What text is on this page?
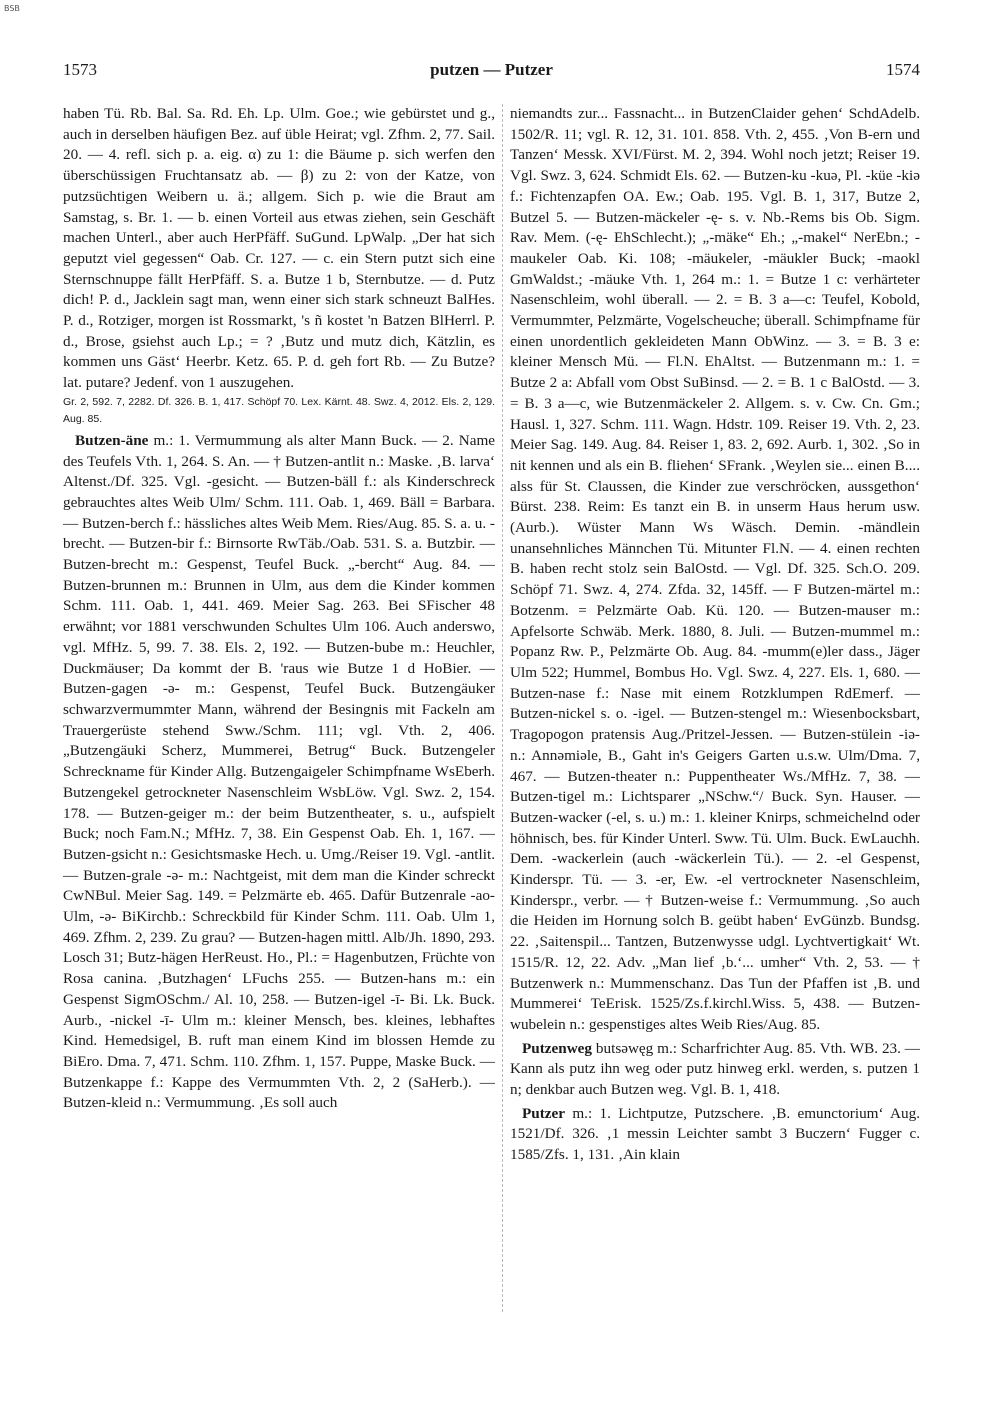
BSB
1573	putzen — Putzer	1574

haben Tü. Rb. Bal. Sa. Rd. Eh. Lp. Ulm. Goe.; wie gebürstet und g., auch in derselben häufigen Bez. auf üble Heirat; vgl. Zfhm. 2, 77. Sail. 20. — 4. refl. sich p. a. eig. α) zu 1: die Bäume p. sich werfen den überschüssigen Fruchtansatz ab. — β) zu 2: von der Katze, von putzsüchtigen Weibern u. ä.; allgem. Sich p. wie die Braut am Samstag, s. Br. 1. — b. einen Vorteil aus etwas ziehen, sein Geschäft machen Unterl., aber auch HerPfäff. SuGund. LpWalp. „Der hat sich geputzt viel gegessen“ Oab. Cr. 127. — c. ein Stern putzt sich eine Sternschnuppe fällt HerPfäff. S. a. Butze 1 b, Sternbutze. — d. Putz dich! P. d., Jacklein sagt man, wenn einer sich stark schneuzt BalHes. P. d., Rotziger, morgen ist Rossmarkt, 's ñ kostet 'n Batzen BlHerrl. P. d., Brose, gsiehst auch Lp.; = ? ‚Butz und mutz dich, Kätzlin, es kommen uns Gäst‘ Heerbr. Ketz. 65. P. d. geh fort Rb. — Zu Butze? lat. putare? Jedenf. von 1 auszugehen.

Gr. 2, 592. 7, 2282. Df. 326. B. 1, 417. Schöpf 70. Lex. Kärnt. 48. Swz. 4, 2012. Els. 2, 129. Aug. 85.

Butzen-äne m.: 1. Vermummung als alter Mann Buck. — 2. Name des Teufels Vth. 1, 264. S. An. — † Butzen-antlit n.: Maske. ‚B. larva‘ Altenst./Df. 325. Vgl. -gesicht. — Butzen-bäll f.: als Kinderschreck gebrauchtes altes Weib Ulm/ Schm. 111. Oab. 1, 469. Bäll = Barbara. — Butzen-berch f.: hässliches altes Weib Mem. Ries/Aug. 85. S. a. u. -brecht. — Butzen-bir f.: Birnsorte RwTäb./Oab. 531. S. a. Butzbir. — Butzen-brecht m.: Gespenst, Teufel Buck. „-bercht“ Aug. 84. — Butzen-brunnen m.: Brunnen in Ulm, aus dem die Kinder kommen Schm. 111. Oab. 1, 441. 469. Meier Sag. 263. Bei SFischer 48 erwähnt; vor 1881 verschwunden Schultes Ulm 106. Auch anderswo, vgl. MfHz. 5, 99. 7. 38. Els. 2, 192. — Butzen-bube m.: Heuchler, Duckmäuser; Da kommt der B. 'raus wie Butze 1 d HoBier. — Butzen-gagen -ə- m.: Gespenst, Teufel Buck. Butzengäuker schwarzvermummter Mann, während der Besingnis mit Fackeln am Trauergerüste stehend Sww./Schm. 111; vgl. Vth. 2, 406. „Butzengäuki Scherz, Mummerei, Betrug“ Buck. Butzengeler Schreckname für Kinder Allg. Butzengaigeler Schimpfname WsEberh. Butzengekel getrockneter Nasenschleim WsbLöw. Vgl. Swz. 2, 154. 178. — Butzen-geiger m.: der beim Butzentheater, s. u., aufspielt Buck; noch Fam.N.; MfHz. 7, 38. Ein Gespenst Oab. Eh. 1, 167. — Butzen-gsicht n.: Gesichtsmaske Hech. u. Umg./Reiser 19. Vgl. -antlit. — Butzen-grale -ə- m.: Nachtgeist, mit dem man die Kinder schreckt CwNBul. Meier Sag. 149. = Pelzmärte eb. 465. Dafür Butzenrale -ao- Ulm, -ə- BiKirchb.: Schreckbild für Kinder Schm. 111. Oab. Ulm 1, 469. Zfhm. 2, 239. Zu grau? — Butzen-hagen mittl. Alb/Jh. 1890, 293. Losch 31; Butz-hägen HerReust. Ho., Pl.: = Hagenbutzen, Früchte von Rosa canina. ‚Butzhagen‘ LFuchs 255. — Butzen-hans m.: ein Gespenst SigmOSchm./ Al. 10, 258. — Butzen-igel -ī- Bi. Lk. Buck. Aurb., -nickel -ī- Ulm m.: kleiner Mensch, bes. kleines, lebhaftes Kind. Hemedsigel, B. ruft man einem Kind im blossen Hemde zu BiEro. Dma. 7, 471. Schm. 110. Zfhm. 1, 157. Puppe, Maske Buck. — Butzenkappe f.: Kappe des Vermummten Vth. 2, 2 (SaHerb.). — Butzen-kleid n.: Vermummung. ‚Es soll auch

niemandts zur... Fassnacht... in ButzenClaider gehen‘ SchdAdelb. 1502/R. 11; vgl. R. 12, 31. 101. 858. Vth. 2, 455. ‚Von B-ern und Tanzen‘ Messk. XVI/Fürst. M. 2, 394. Wohl noch jetzt; Reiser 19. Vgl. Swz. 3, 624. Schmidt Els. 62. — Butzen-ku -kuə, Pl. -küe -kiə f.: Fichtenzapfen OA. Ew.; Oab. 195. Vgl. B. 1, 317, Butze 2, Butzel 5. — Butzen-mäckeler -ę- s. v. Nb.-Rems bis Ob. Sigm. Rav. Mem. (-ę- EhSchlecht.); „-mäke“ Eh.; „-makel“ NerEbn.; -maukeler Oab. Ki. 108; -mäukeler, -mäukler Buck; -maokl GmWaldst.; -mäuke Vth. 1, 264 m.: 1. = Butze 1 c: verhärteter Nasenschleim, wohl überall. — 2. = B. 3 a—c: Teufel, Kobold, Vermummter, Pelzmärte, Vogelscheuche; überall. Schimpfname für einen unordentlich gekleideten Mann ObWinz. — 3. = B. 3 e: kleiner Mensch Mü. — Fl.N. EhAltst. — Butzenmann m.: 1. = Butze 2 a: Abfall vom Obst SuBinsd. — 2. = B. 1 c BalOstd. — 3. = B. 3 a—c, wie Butzenmäckeler 2. Allgem. s. v. Cw. Cn. Gm.; Hausl. 1, 327. Schm. 111. Wagn. Hdstr. 109. Reiser 19. Vth. 2, 23. Meier Sag. 149. Aug. 84. Reiser 1, 83. 2, 692. Aurb. 1, 302. ‚So in nit kennen und als ein B. fliehen‘ SFrank. ‚Weylen sie... einen B.... alss für St. Claussen, die Kinder zue verschröcken, aussgethon‘ Bürst. 238. Reim: Es tanzt ein B. in unserm Haus herum usw. (Aurb.). Wüster Mann Ws Wäsch. Demin. -mändlein unansehnliches Männchen Tü. Mitunter Fl.N. — 4. einen rechten B. haben recht stolz sein BalOstd. — Vgl. Df. 325. Sch.O. 209. Schöpf 71. Swz. 4, 274. Zfda. 32, 145ff. — F Butzen-märtel m.: Botzenm. = Pelzmärte Oab. Kü. 120. — Butzen-mauser m.: Apfelsorte Schwäb. Merk. 1880, 8. Juli. — Butzen-mummel m.: Popanz Rw. P., Pelzmärte Ob. Aug. 84. -mumm(e)ler dass., Jäger Ulm 522; Hummel, Bombus Ho. Vgl. Swz. 4, 227. Els. 1, 680. — Butzen-nase f.: Nase mit einem Rotzklumpen RdEmerf. — Butzen-nickel s. o. -igel. — Butzen-stengel m.: Wiesenbocksbart, Tragopogon pratensis Aug./Pritzel-Jessen. — Butzen-stülein -iə- n.: Annəmiəle, B., Gaht in's Geigers Garten u.s.w. Ulm/Dma. 7, 467. — Butzen-theater n.: Puppentheater Ws./MfHz. 7, 38. — Butzen-tigel m.: Lichtsparer „NSchw.“/ Buck. Syn. Hauser. — Butzen-wacker (-el, s. u.) m.: 1. kleiner Knirps, schmeichelnd oder höhnisch, bes. für Kinder Unterl. Sww. Tü. Ulm. Buck. EwLauchh. Dem. -wackerlein (auch -wäckerlein Tü.). — 2. -el Gespenst, Kinderspr. Tü. — 3. -er, Ew. -el vertrockneter Nasenschleim, Kinderspr., verbr. — † Butzen-weise f.: Vermummung. ‚So auch die Heiden im Hornung solch B. geübt haben‘ EvGünzb. Bundsg. 22. ‚Saitenspil... Tantzen, Butzenwysse udgl. Lychtvertigkait‘ Wt. 1515/R. 12, 22. Adv. „Man lief ‚b.‘... umher“ Vth. 2, 53. — † Butzenwerk n.: Mummenschanz. Das Tun der Pfaffen ist ‚B. und Mummerei‘ TeErisk. 1525/Zs.f.kirchl.Wiss. 5, 438. — Butzen-wubelein n.: gespenstiges altes Weib Ries/Aug. 85.

Putzenweg butsəwęg m.: Scharfrichter Aug. 85. Vth. WB. 23. — Kann als putz ihn weg oder putz hinweg erkl. werden, s. putzen 1 n; denkbar auch Butzen weg. Vgl. B. 1, 418.

Putzer m.: 1. Lichtputze, Putzschere. ‚B. emunctorium‘ Aug. 1521/Df. 326. ‚1 messin Leichter sambt 3 Buczern‘ Fugger c. 1585/Zfs. 1, 131. ‚Ain klain
